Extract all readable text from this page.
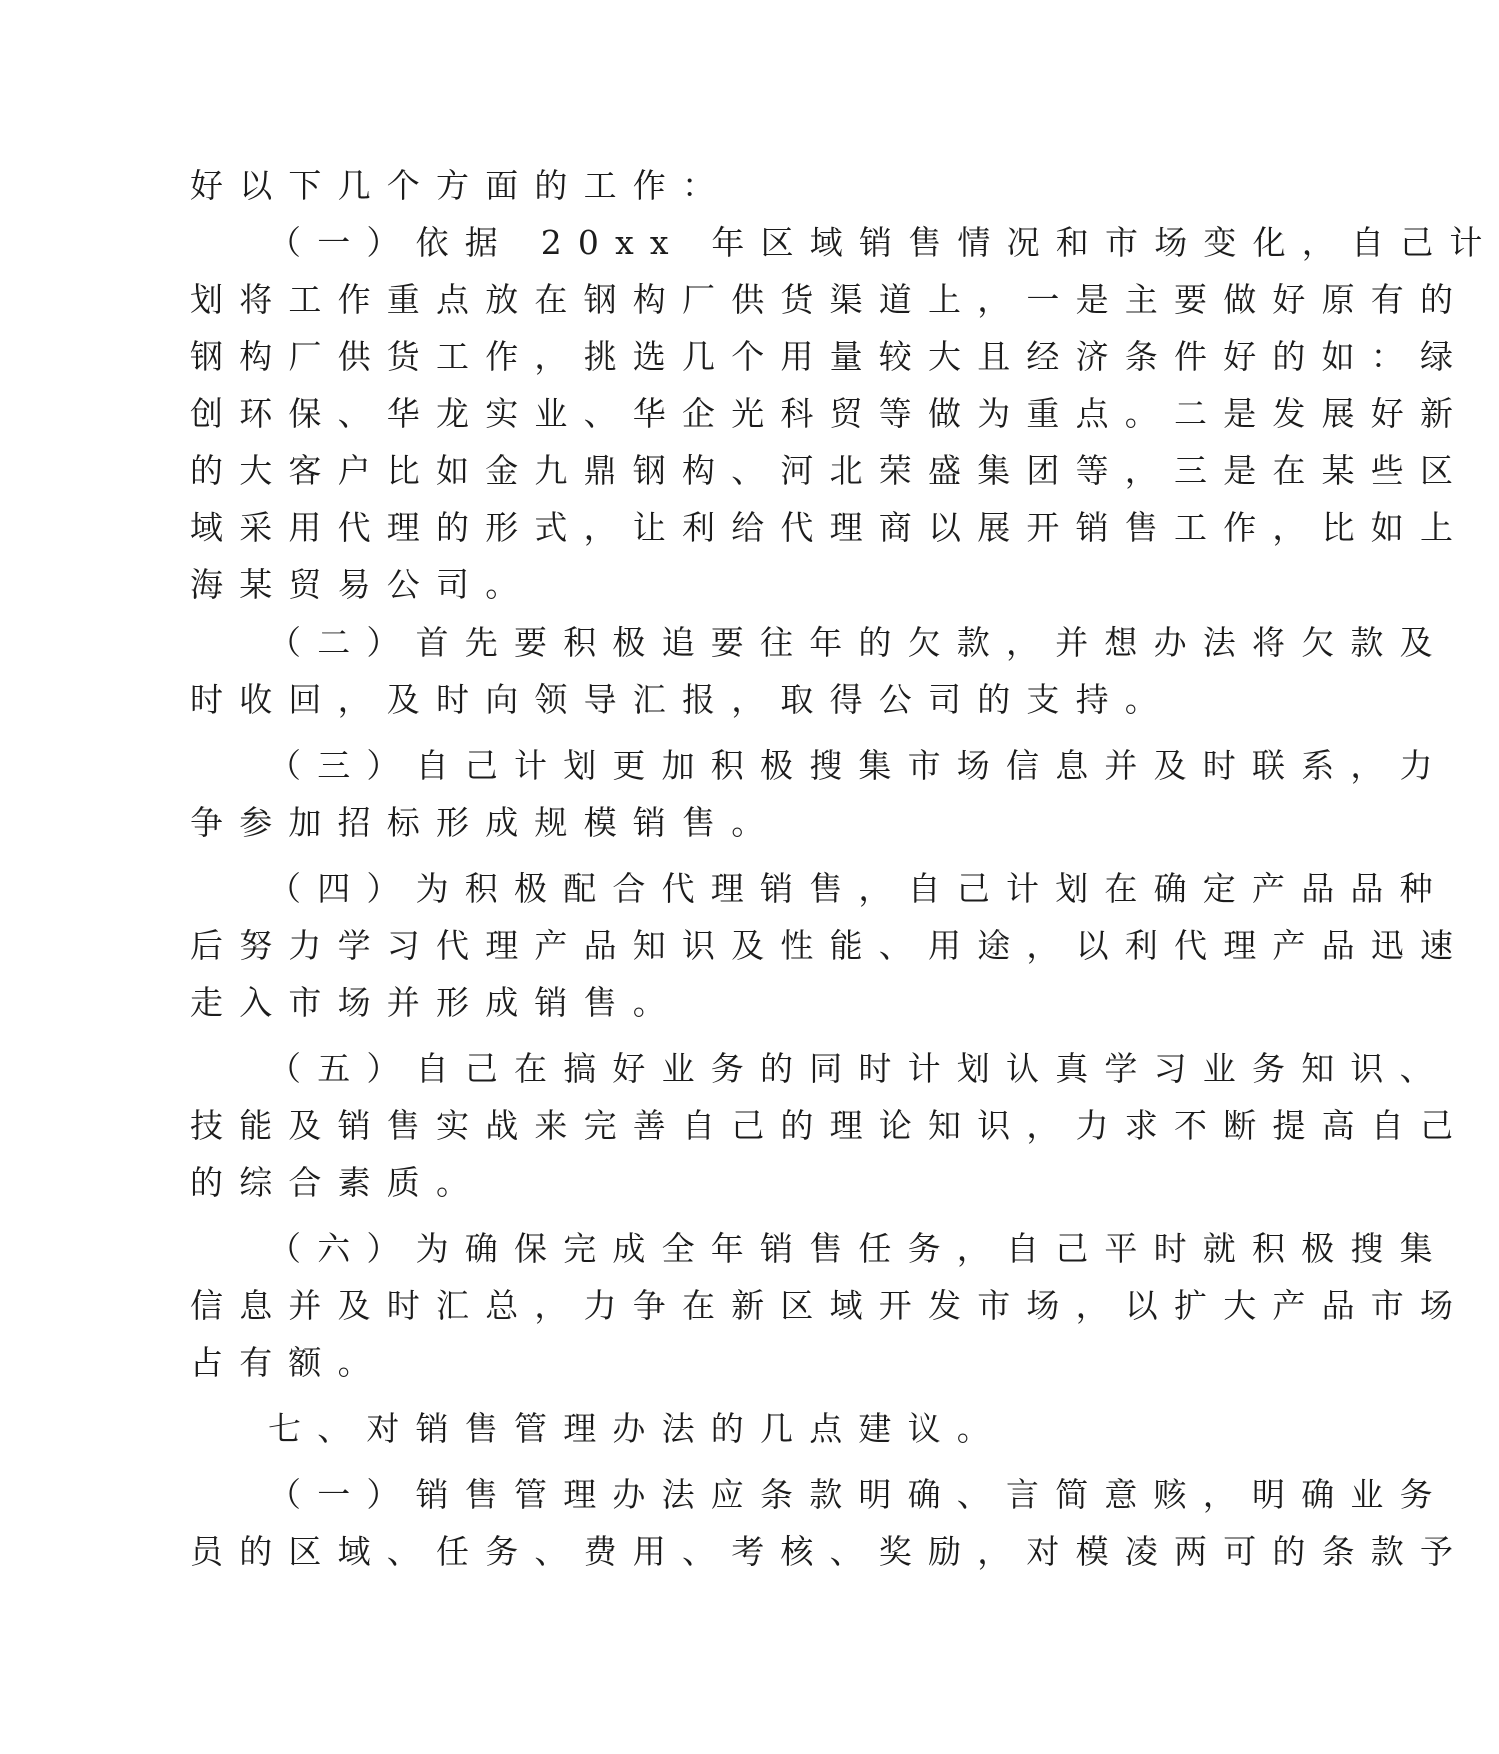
好以下几个方面的工作：
（一）依据 20xx 年区域销售情况和市场变化，自己计
划将工作重点放在钢构厂供货渠道上，一是主要做好原有的
钢构厂供货工作，挑选几个用量较大且经济条件好的如：绿
创环保、华龙实业、华企光科贸等做为重点。二是发展好新
的大客户比如金九鼎钢构、河北荣盛集团等，三是在某些区
域采用代理的形式，让利给代理商以展开销售工作，比如上
海某贸易公司。
（二）首先要积极追要往年的欠款，并想办法将欠款及
时收回，及时向领导汇报，取得公司的支持。
（三）自己计划更加积极搜集市场信息并及时联系，力
争参加招标形成规模销售。
（四）为积极配合代理销售，自己计划在确定产品品种
后努力学习代理产品知识及性能、用途，以利代理产品迅速
走入市场并形成销售。
（五）自己在搞好业务的同时计划认真学习业务知识、
技能及销售实战来完善自己的理论知识，力求不断提高自己
的综合素质。
（六）为确保完成全年销售任务，自己平时就积极搜集
信息并及时汇总，力争在新区域开发市场，以扩大产品市场
占有额。
七、对销售管理办法的几点建议。
（一）销售管理办法应条款明确、言简意赅，明确业务
员的区域、任务、费用、考核、奖励，对模凌两可的条款予
